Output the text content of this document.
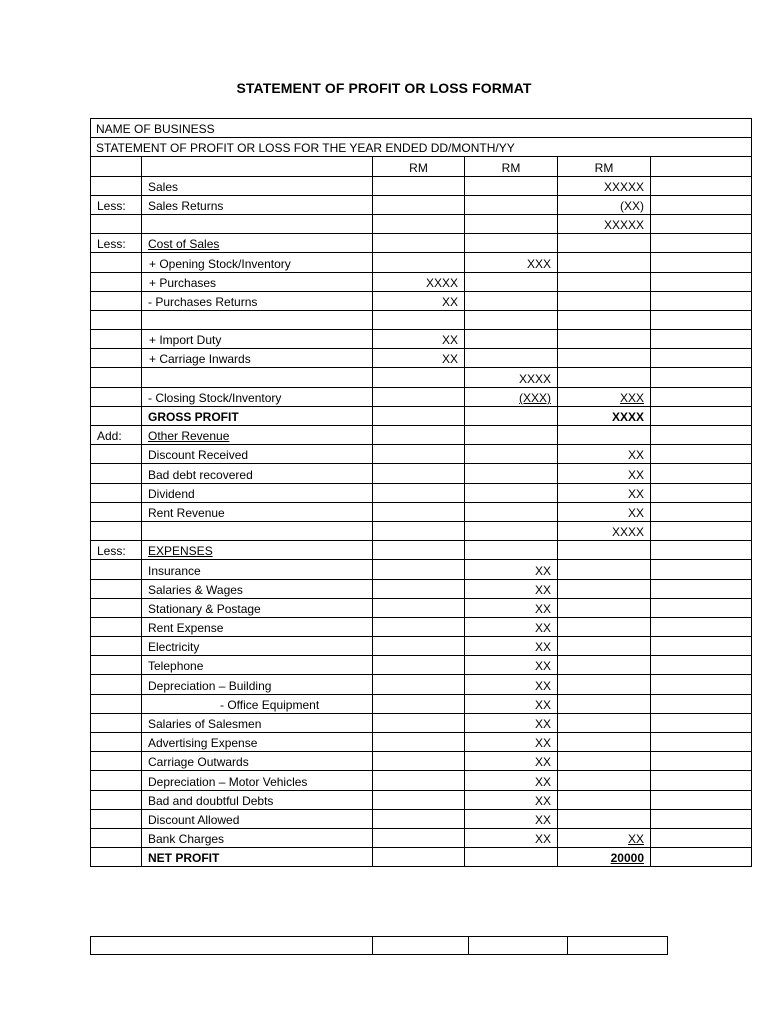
STATEMENT OF PROFIT OR LOSS FORMAT
NAME OF BUSINESS					
STATEMENT OF PROFIT OR LOSS FOR THE YEAR ENDED DD/MONTH/YY					
		RM	RM	RM	
	Sales			XXXXX	
Less:	Sales Returns			(XX)	
				XXXXX	
Less:	Cost of Sales				
	+ Opening Stock/Inventory		XXX		
	+ Purchases	XXXX			
	- Purchases Returns	XX			

	+ Import Duty	XX			
	+ Carriage Inwards	XX			
			XXXX		
	- Closing Stock/Inventory		(XXX)	XXX	
	GROSS PROFIT			XXXX	
Add:	Other Revenue				
	Discount Received			XX	
	Bad debt recovered			XX	
	Dividend			XX	
	Rent Revenue			XX	
				XXXX	
Less:	EXPENSES				
	Insurance		XX		
	Salaries & Wages		XX		
	Stationary & Postage		XX		
	Rent Expense		XX		
	Electricity		XX		
	Telephone		XX		
	Depreciation – Building		XX		
	- Office Equipment		XX		
	Salaries of Salesmen		XX		
	Advertising Expense		XX		
	Carriage Outwards		XX		
	Depreciation – Motor Vehicles		XX		
	Bad and doubtful Debts		XX		
	Discount Allowed		XX		
	Bank Charges		XX	XX	
	NET PROFIT			20000	
